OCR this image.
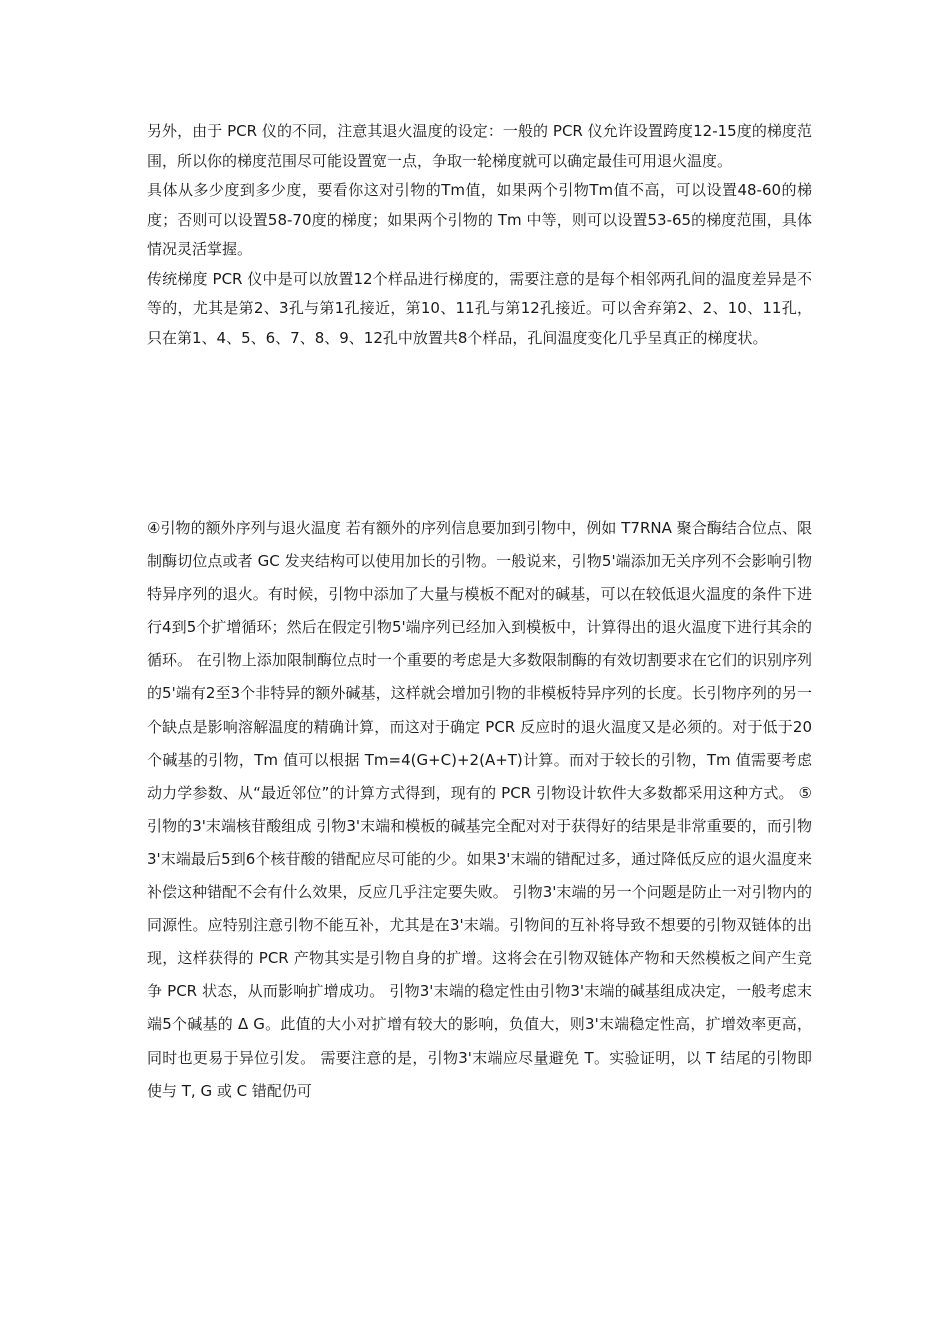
另外，由于 PCR 仪的不同，注意其退火温度的设定：一般的 PCR 仪允许设置跨度12-15度的梯度范围，所以你的梯度范围尽可能设置宽一点，争取一轮梯度就可以确定最佳可用退火温度。

具体从多少度到多少度，要看你这对引物的Tm值，如果两个引物Tm值不高，可以设置48-60的梯度；否则可以设置58-70度的梯度；如果两个引物的 Tm 中等，则可以设置53-65的梯度范围，具体情况灵活掌握。

传统梯度 PCR 仪中是可以放置12个样品进行梯度的，需要注意的是每个相邻两孔间的温度差异是不等的，尤其是第2、3孔与第1孔接近，第10、11孔与第12孔接近。可以舍弃第2、2、10、11孔，只在第1、4、5、6、7、8、9、12孔中放置共8个样品，孔间温度变化几乎呈真正的梯度状。

④引物的额外序列与退火温度 若有额外的序列信息要加到引物中，例如 T7RNA 聚合酶结合位点、限制酶切位点或者 GC 发夹结构可以使用加长的引物。一般说来，引物5'端添加无关序列不会影响引物特异序列的退火。有时候，引物中添加了大量与模板不配对的碱基，可以在较低退火温度的条件下进行4到5个扩增循环；然后在假定引物5'端序列已经加入到模板中，计算得出的退火温度下进行其余的循环。 在引物上添加限制酶位点时一个重要的考虑是大多数限制酶的有效切割要求在它们的识别序列的5'端有2至3个非特异的额外碱基，这样就会增加引物的非模板特异序列的长度。长引物序列的另一个缺点是影响溶解温度的精确计算，而这对于确定 PCR 反应时的退火温度又是必须的。对于低于20个碱基的引物，Tm 值可以根据 Tm=4(G+C)+2(A+T)计算。而对于较长的引物，Tm 值需要考虑动力学参数、从“最近邻位”的计算方式得到，现有的 PCR 引物设计软件大多数都采用这种方式。 ⑤引物的3'末端核苷酸组成 引物3'末端和模板的碱基完全配对对于获得好的结果是非常重要的，而引物3'末端最后5到6个核苷酸的错配应尽可能的少。如果3'末端的错配过多，通过降低反应的退火温度来补偿这种错配不会有什么效果，反应几乎注定要失败。 引物3'末端的另一个问题是防止一对引物内的同源性。应特别注意引物不能互补，尤其是在3'末端。引物间的互补将导致不想要的引物双链体的出现，这样获得的 PCR 产物其实是引物自身的扩增。这将会在引物双链体产物和天然模板之间产生竞争 PCR 状态，从而影响扩增成功。 引物3'末端的稳定性由引物3'末端的碱基组成决定，一般考虑末端5个碱基的 Δ G。此值的大小对扩增有较大的影响，负值大，则3'末端稳定性高，扩增效率更高，同时也更易于异位引发。 需要注意的是，引物3'末端应尽量避免 T。实验证明，以 T 结尾的引物即使与 T, G 或 C 错配仍可
